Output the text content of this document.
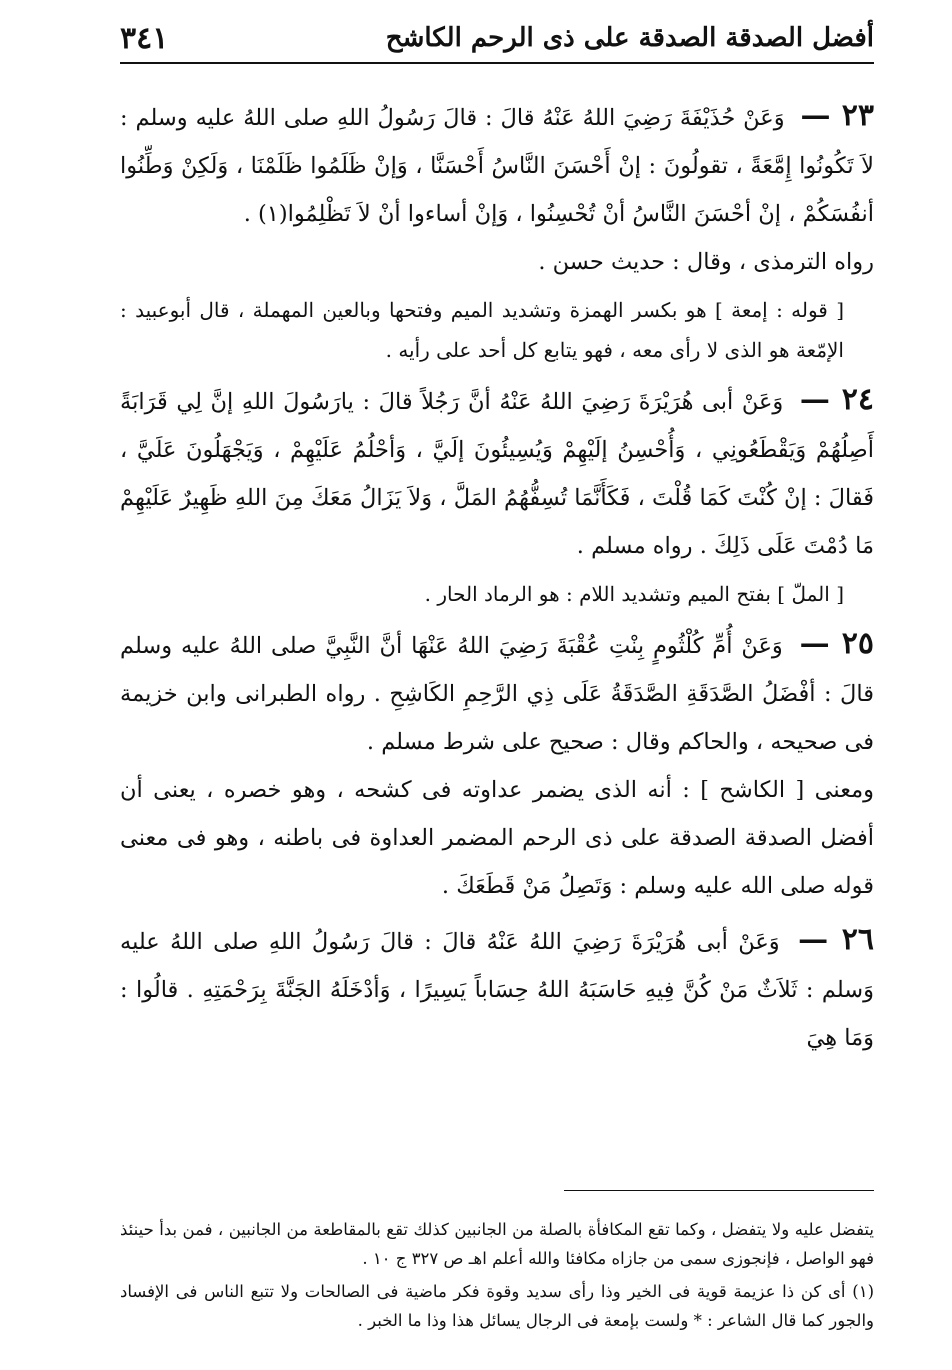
أفضل الصدقة الصدقة على ذى الرحم الكاشح
٣٤١

٢٣ — وَعَنْ حُذَيْفَةَ رَضِيَ اللهُ عَنْهُ قالَ : قالَ رَسُولُ اللهِ صلى اللهُ عليه وسلم : لاَ تَكُونُوا إِمَّعَةً ، تقولُونَ : إنْ أَحْسَنَ النَّاسُ أَحْسَنَّا ، وَإنْ ظَلَمُوا ظَلَمْنَا ، وَلَكِنْ وَطِّنُوا أنفُسَكُمْ ، إنْ أحْسَنَ النَّاسُ أنْ تُحْسِنُوا ، وَإنْ أساءوا أنْ لاَ تَظْلِمُوا(١) .

رواه الترمذى ، وقال : حديث حسن .

[ قوله : إمعة ] هو بكسر الهمزة وتشديد الميم وفتحها وبالعين المهملة ، قال أبوعبيد : الإمّعة هو الذى لا رأى معه ، فهو يتابع كل أحد على رأيه .

٢٤ — وَعَنْ أبى هُرَيْرَةَ رَضِيَ اللهُ عَنْهُ أنَّ رَجُلاً قالَ : يارَسُولَ اللهِ إنَّ لِي قَرَابَةً أَصِلُهُمْ وَيَقْطَعُونِي ، وَأُحْسِنُ إلَيْهِمْ وَيُسِيئُونَ إلَيَّ ، وَأحْلُمُ عَلَيْهِمْ ، وَيَجْهَلُونَ عَلَيَّ ، فَقالَ : إنْ كُنْتَ كَمَا قُلْتَ ، فَكَأَنَّمَا تُسِفُّهُمُ المَلَّ ، وَلاَ يَزَالُ مَعَكَ مِنَ اللهِ ظَهِيرٌ عَلَيْهِمْ مَا دُمْتَ عَلَى ذَلِكَ . رواه مسلم .

[ الملّ ] بفتح الميم وتشديد اللام : هو الرماد الحار .

٢٥ — وَعَنْ أُمِّ كُلْثُومٍ بِنْتِ عُقْبَةَ رَضِيَ اللهُ عَنْهَا أنَّ النَّبِيَّ صلى اللهُ عليه وسلم قالَ : أفْضَلُ الصَّدَقَةِ الصَّدَقَةُ عَلَى ذِي الرَّحِمِ الكَاشِحِ . رواه الطبرانى وابن خزيمة فى صحيحه ، والحاكم وقال : صحيح على شرط مسلم .

ومعنى [ الكاشح ] : أنه الذى يضمر عداوته فى كشحه ، وهو خصره ، يعنى أن أفضل الصدقة الصدقة على ذى الرحم المضمر العداوة فى باطنه ، وهو فى معنى قوله صلى الله عليه وسلم : وَتَصِلُ مَنْ قَطَعَكَ .

٢٦ — وَعَنْ أبى هُرَيْرَةَ رَضِيَ اللهُ عَنْهُ قالَ : قالَ رَسُولُ اللهِ صلى اللهُ عليه وَسلم : ثَلاَثٌ مَنْ كُنَّ فِيهِ حَاسَبَهُ اللهُ حِسَاباً يَسِيرًا ، وَأدْخَلَهُ الجَنَّةَ بِرَحْمَتِهِ . قالُوا : وَمَا هِيَ

يتفضل عليه ولا يتفضل ، وكما تقع المكافأة بالصلة من الجانبين كذلك تقع بالمقاطعة من الجانبين ، فمن بدأ حينئذ فهو الواصل ، فإنجوزى سمى من جازاه مكافئا والله أعلم اهـ ص ٣٢٧ ج ١٠ .

(١) أى كن ذا عزيمة قوية فى الخير وذا رأى سديد وقوة فكر ماضية فى الصالحات ولا تتبع الناس فى الإفساد والجور كما قال الشاعر : * ولست بإمعة فى الرجال يسائل هذا وذا ما الخبر .
